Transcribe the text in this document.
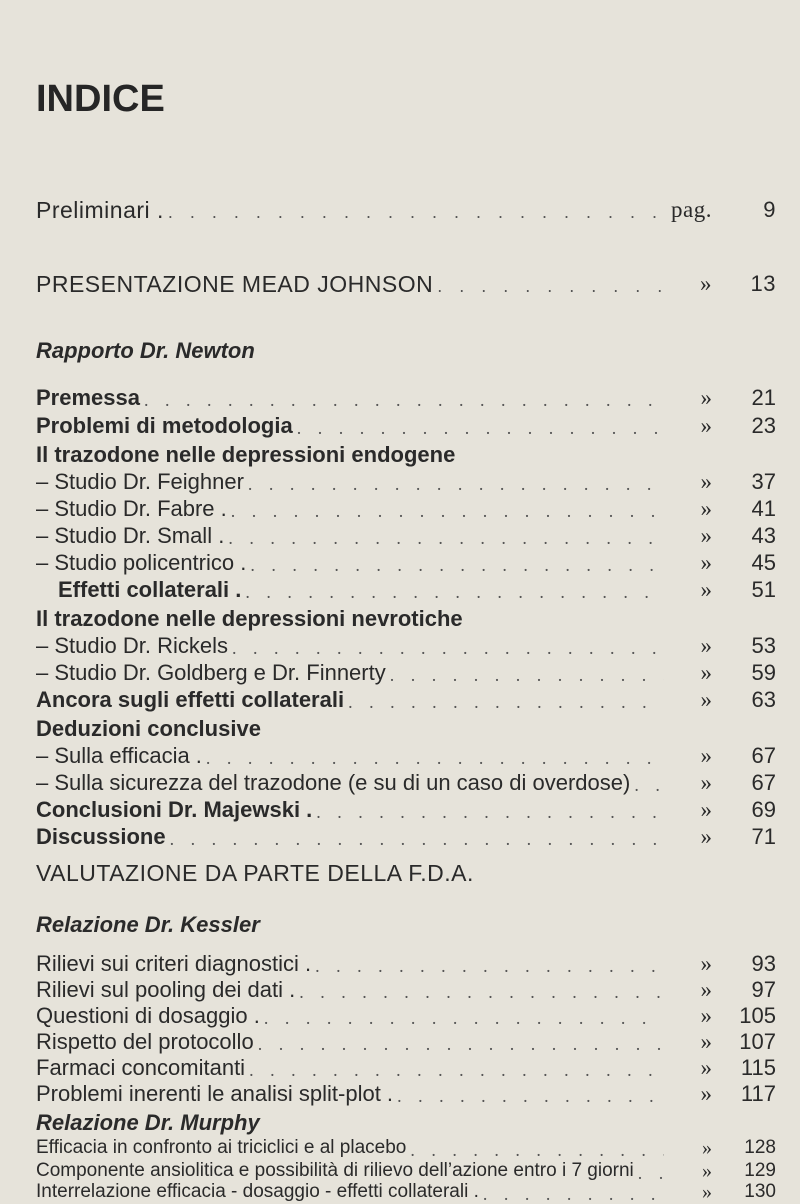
INDICE
Preliminari . . . .	pag.	9
PRESENTAZIONE MEAD JOHNSON . . .	»	13
Rapporto Dr. Newton
Premessa . . .	»	21
Problemi di metodologia . . .	»	23
Il trazodone nelle depressioni endogene
– Studio Dr. Feighner . . .	»	37
– Studio Dr. Fabre . . . .	»	41
– Studio Dr. Small . . . .	»	43
– Studio policentrico . . . .	»	45
Effetti collaterali . . . .	»	51
Il trazodone nelle depressioni nevrotiche
– Studio Dr. Rickels . . .	»	53
– Studio Dr. Goldberg e Dr. Finnerty . . .	»	59
Ancora sugli effetti collaterali . . .	»	63
Deduzioni conclusive
– Sulla efficacia . . . .	»	67
– Sulla sicurezza del trazodone (e su di un caso di overdose) . . .	»	67
Conclusioni Dr. Majewski . . . .	»	69
Discussione . . .	»	71
VALUTAZIONE DA PARTE DELLA F.D.A.
Relazione Dr. Kessler
Rilievi sui criteri diagnostici . . . .	»	93
Rilievi sul pooling dei dati . . . .	»	97
Questioni di dosaggio . . . .	»	105
Rispetto del protocollo . . .	»	107
Farmaci concomitanti . . .	»	115
Problemi inerenti le analisi split-plot . . . .	»	117
Relazione Dr. Murphy
Efficacia in confronto ai triciclici e al placebo . . .	»	128
Componente ansiolitica e possibilità di rilievo dell’azione entro i 7 giorni . . .	»	129
Interrelazione efficacia - dosaggio - effetti collaterali . . . .	»	130
